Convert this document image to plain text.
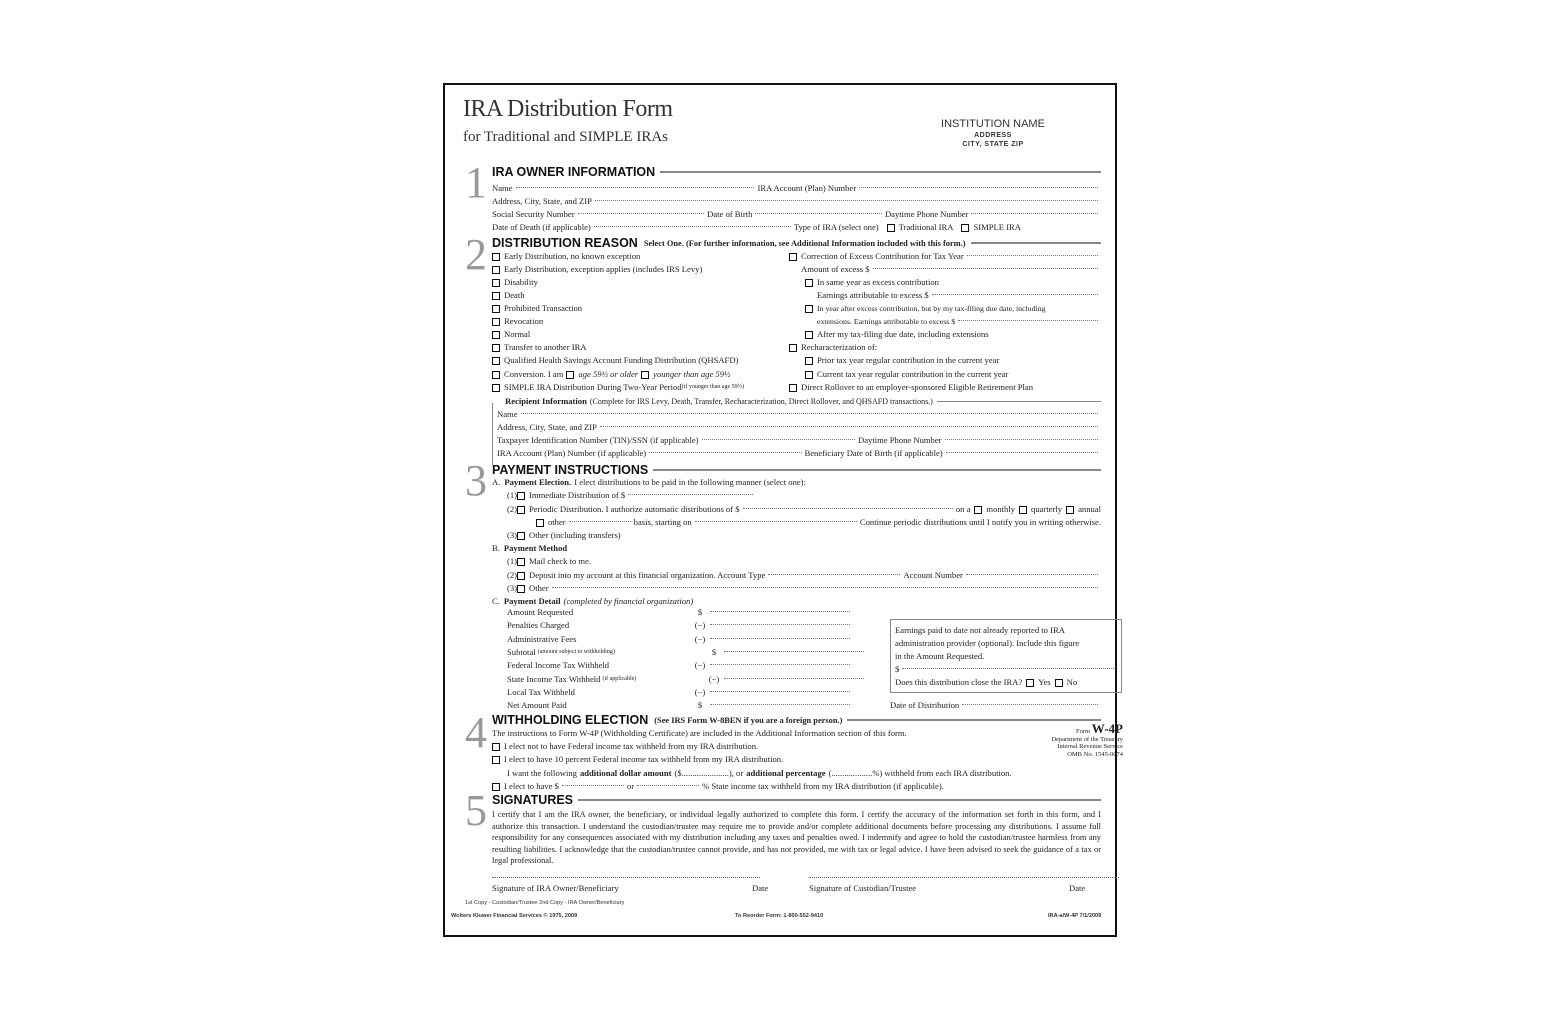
IRA Distribution Form
for Traditional and SIMPLE IRAs
INSTITUTION NAME
ADDRESS
CITY, STATE ZIP
1 IRA OWNER INFORMATION
Name	IRA Account (Plan) Number
Address, City, State, and ZIP
Social Security Number	Date of Birth	Daytime Phone Number
Date of Death (if applicable)	Type of IRA (select one) Traditional IRA SIMPLE IRA
2 DISTRIBUTION REASON Select One. (For further information, see Additional Information included with this form.)
Early Distribution, no known exception
Early Distribution, exception applies (includes IRS Levy)
Disability
Death
Prohibited Transaction
Revocation
Normal
Transfer to another IRA
Qualified Health Savings Account Funding Distribution (QHSAFD)
Conversion. I am age 59½ or older younger than age 59½
SIMPLE IRA Distribution During Two-Year Period (if younger than age 59½)
Correction of Excess Contribution for Tax Year
Amount of excess $
In same year as excess contribution
Earnings attributable to excess $
In year after excess contribution, but by my tax-filing due date, including
extensions. Earnings attributable to excess $
After my tax-filing due date, including extensions
Recharacterization of:
Prior tax year regular contribution in the current year
Current tax year regular contribution in the current year
Direct Rollover to an employer-sponsored Eligible Retirement Plan
Recipient Information (Complete for IRS Levy, Death, Transfer, Recharacterization, Direct Rollover, and QHSAFD transactions.)
Name
Address, City, State, and ZIP
Taxpayer Identification Number (TIN)/SSN (if applicable)	Daytime Phone Number
IRA Account (Plan) Number (if applicable)	Beneficiary Date of Birth (if applicable)
3 PAYMENT INSTRUCTIONS
A. Payment Election. I elect distributions to be paid in the following manner (select one):
(1) Immediate Distribution of $
(2) Periodic Distribution. I authorize automatic distributions of $	on a monthly quarterly annual
other	basis, starting on	Continue periodic distributions until I notify you in writing otherwise.
(3) Other (including transfers)
B. Payment Method
(1) Mail check to me.
(2) Deposit into my account at this financial organization. Account Type	Account Number
(3) Other
C. Payment Detail (completed by financial organization)
Amount Requested	$
Penalties Charged	(−)
Administrative Fees	(−)
Subtotal (amount subject to withholding)	$
Federal Income Tax Withheld	(−)
State Income Tax Withheld (if applicable)	(−)
Local Tax Withheld	(−)
Net Amount Paid	$
Earnings paid to date not already reported to IRA
administration provider (optional). Include this figure
in the Amount Requested.
$
Does this distribution close the IRA? Yes No
Date of Distribution
4 WITHHOLDING ELECTION (See IRS Form W-8BEN if you are a foreign person.)
Form W-4P
Department of the Treasury
Internal Revenue Service
OMB No. 1545-0074
The instructions to Form W-4P (Withholding Certificate) are included in the Additional Information section of this form.
I elect not to have Federal income tax withheld from my IRA distribution.
I elect to have 10 percent Federal income tax withheld from my IRA distribution.
I want the following additional dollar amount ($......................), or additional percentage (...................%) withheld from each IRA distribution.
I elect to have $	or	% State income tax withheld from my IRA distribution (if applicable).
5 SIGNATURES
I certify that I am the IRA owner, the beneficiary, or individual legally authorized to complete this form. I certify the accuracy of the information set forth in this form, and I authorize this transaction. I understand the custodian/trustee may require me to provide and/or complete additional documents before processing any distributions. I assume full responsibility for any consequences associated with my distribution including any taxes and penalties owed. I indemnify and agree to hold the custodian/trustee harmless from any resulting liabilities. I acknowledge that the custodian/trustee cannot provide, and has not provided, me with tax or legal advice. I have been advised to seek the guidance of a tax or legal professional.
Signature of IRA Owner/Beneficiary	Date	Signature of Custodian/Trustee	Date
1st Copy - Custodian/Trustee 2nd Copy - IRA Owner/Beneficiary
Wolters Kluwer Financial Services © 1975, 2009	To Reorder Form: 1-800-552-9410	IRA-a/W-4P 7/1/2009
